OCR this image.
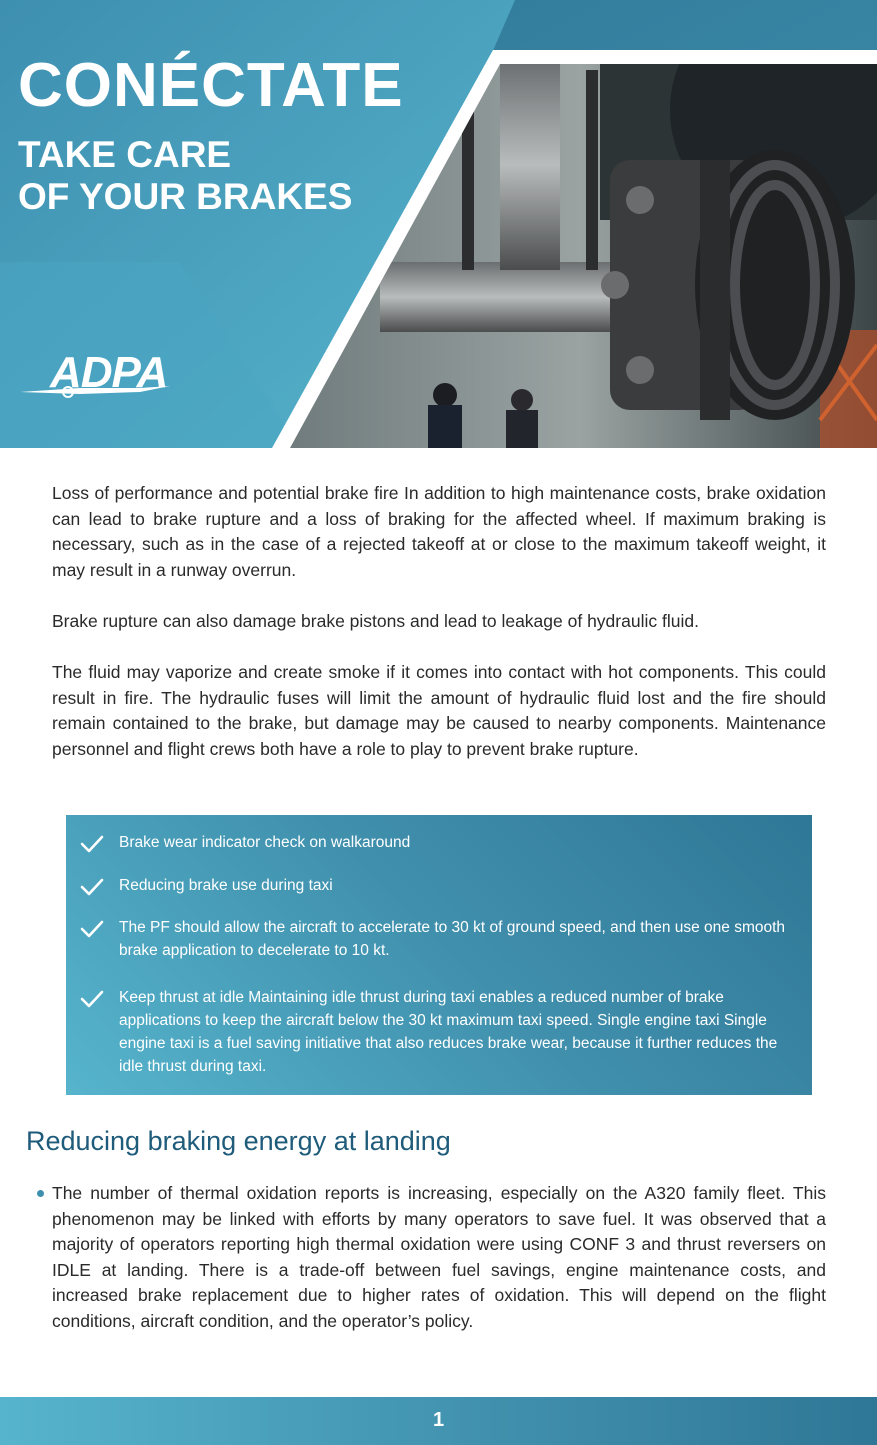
CONÉCTATE
TAKE CARE
OF YOUR BRAKES
ADPA

Loss of performance and potential brake fire In addition to high maintenance costs, brake oxidation can lead to brake rupture and a loss of braking for the affected wheel. If maximum braking is necessary, such as in the case of a rejected takeoff at or close to the maximum takeoff weight, it may result in a runway overrun.

Brake rupture can also damage brake pistons and lead to leakage of hydraulic fluid.

The fluid may vaporize and create smoke if it comes into contact with hot components. This could result in fire. The hydraulic fuses will limit the amount of hydraulic fluid lost and the fire should remain contained to the brake, but damage may be caused to nearby components. Maintenance personnel and flight crews both have a role to play to prevent brake rupture.

Brake wear indicator check on walkaround
Reducing brake use during taxi
The PF should allow the aircraft to accelerate to 30 kt of ground speed, and then use one smooth brake application to decelerate to 10 kt.
Keep thrust at idle Maintaining idle thrust during taxi enables a reduced number of brake applications to keep the aircraft below the 30 kt maximum taxi speed. Single engine taxi Single engine taxi is a fuel saving initiative that also reduces brake wear, because it further reduces the idle thrust during taxi.
Reducing braking energy at landing

The number of thermal oxidation reports is increasing, especially on the A320 family fleet. This phenomenon may be linked with efforts by many operators to save fuel. It was observed that a majority of operators reporting high thermal oxidation were using CONF 3 and thrust reversers on IDLE at landing. There is a trade-off between fuel savings, engine maintenance costs, and increased brake replacement due to higher rates of oxidation. This will depend on the flight conditions, aircraft condition, and the operator’s policy.

1
